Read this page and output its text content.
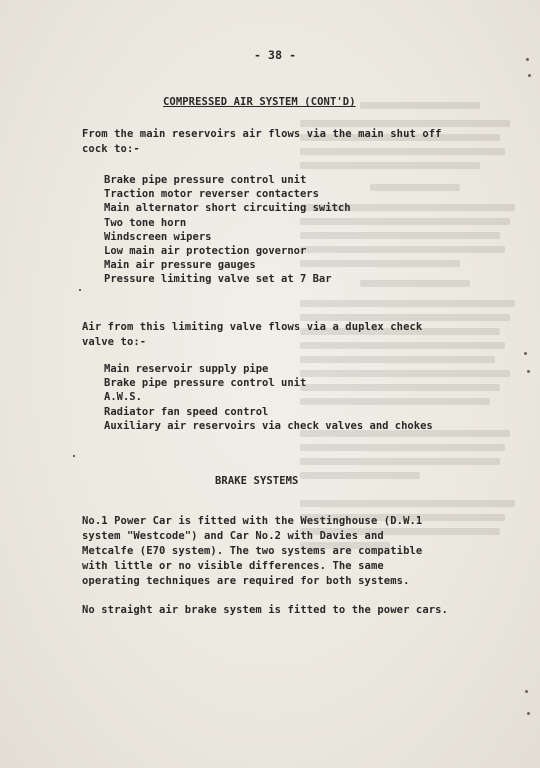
- 38 -
COMPRESSED AIR SYSTEM (CONT'D)
From the main reservoirs air flows via the main shut off cock to:-
Brake pipe pressure control unit
Traction motor reverser contacters
Main alternator short circuiting switch
Two tone horn
Windscreen wipers
Low main air protection governor
Main air pressure gauges
Pressure limiting valve set at 7 Bar
Air from this limiting valve flows via a duplex check valve to:-
Main reservoir supply pipe
Brake pipe pressure control unit
A.W.S.
Radiator fan speed control
Auxiliary air reservoirs via check valves and chokes
BRAKE SYSTEMS
No.1 Power Car is fitted with the Westinghouse (D.W.1 system "Westcode") and Car No.2 with Davies and Metcalfe (E70 system). The two systems are compatible with little or no visible differences. The same operating techniques are required for both systems.
No straight air brake system is fitted to the power cars.
